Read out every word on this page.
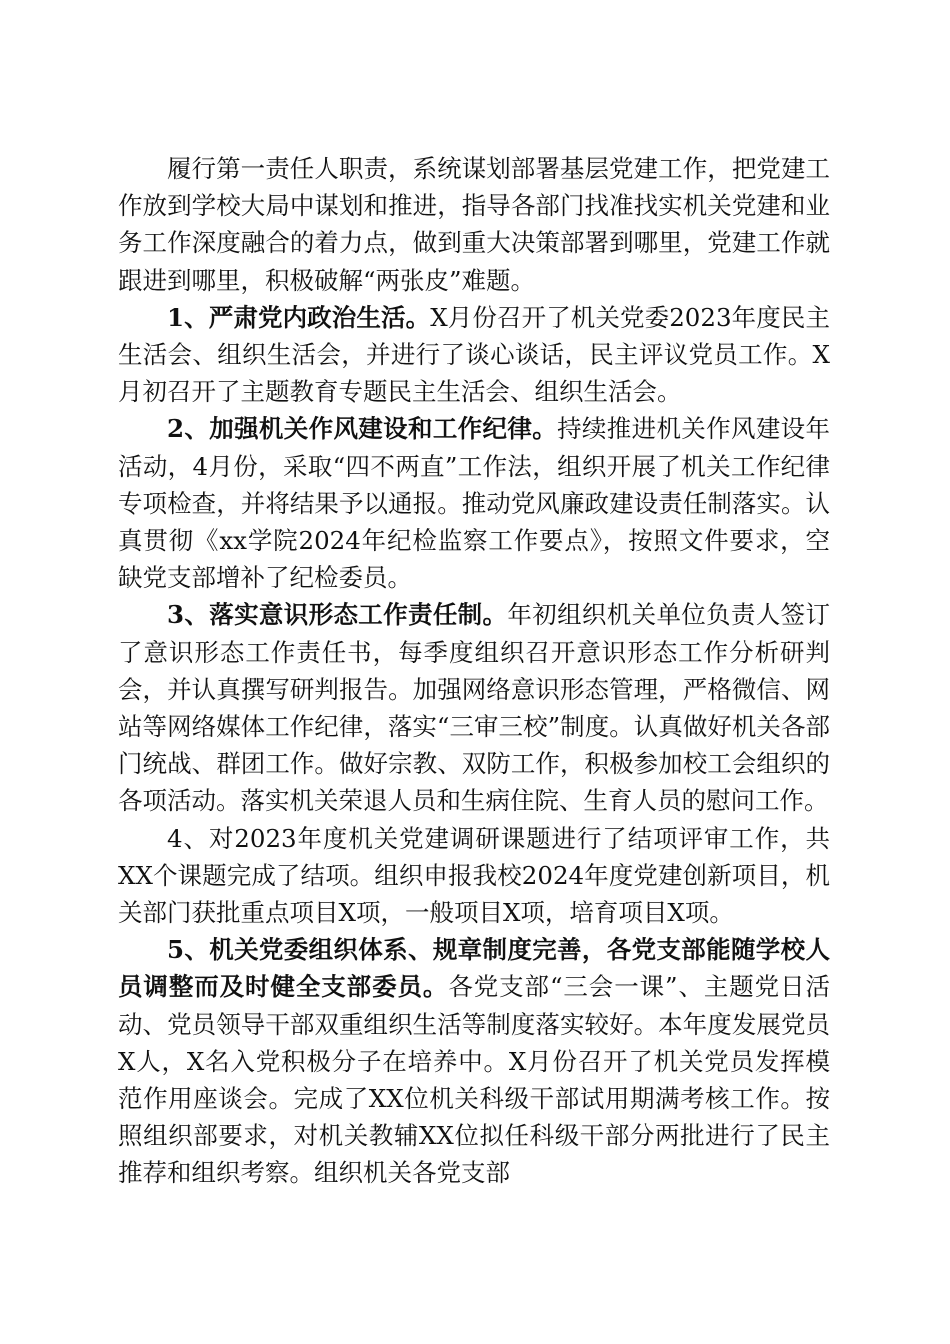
履行第一责任人职责，系统谋划部署基层党建工作，把党建工作放到学校大局中谋划和推进，指导各部门找准找实机关党建和业务工作深度融合的着力点，做到重大决策部署到哪里，党建工作就跟进到哪里，积极破解“两张皮”难题。

1、严肃党内政治生活。X月份召开了机关党委2023年度民主生活会、组织生活会，并进行了谈心谈话，民主评议党员工作。X月初召开了主题教育专题民主生活会、组织生活会。

2、加强机关作风建设和工作纪律。持续推进机关作风建设年活动，4月份，采取“四不两直”工作法，组织开展了机关工作纪律专项检查，并将结果予以通报。推动党风廉政建设责任制落实。认真贯彻《xx学院2024年纪检监察工作要点》，按照文件要求，空缺党支部增补了纪检委员。

3、落实意识形态工作责任制。年初组织机关单位负责人签订了意识形态工作责任书，每季度组织召开意识形态工作分析研判会，并认真撰写研判报告。加强网络意识形态管理，严格微信、网站等网络媒体工作纪律，落实“三审三校”制度。认真做好机关各部门统战、群团工作。做好宗教、双防工作，积极参加校工会组织的各项活动。落实机关荣退人员和生病住院、生育人员的慰问工作。

4、对2023年度机关党建调研课题进行了结项评审工作，共XX个课题完成了结项。组织申报我校2024年度党建创新项目，机关部门获批重点项目X项，一般项目X项，培育项目X项。

5、机关党委组织体系、规章制度完善，各党支部能随学校人员调整而及时健全支部委员。各党支部“三会一课”、主题党日活动、党员领导干部双重组织生活等制度落实较好。本年度发展党员X人，X名入党积极分子在培养中。X月份召开了机关党员发挥模范作用座谈会。完成了XX位机关科级干部试用期满考核工作。按照组织部要求，对机关教辅XX位拟任科级干部分两批进行了民主推荐和组织考察。组织机关各党支部
